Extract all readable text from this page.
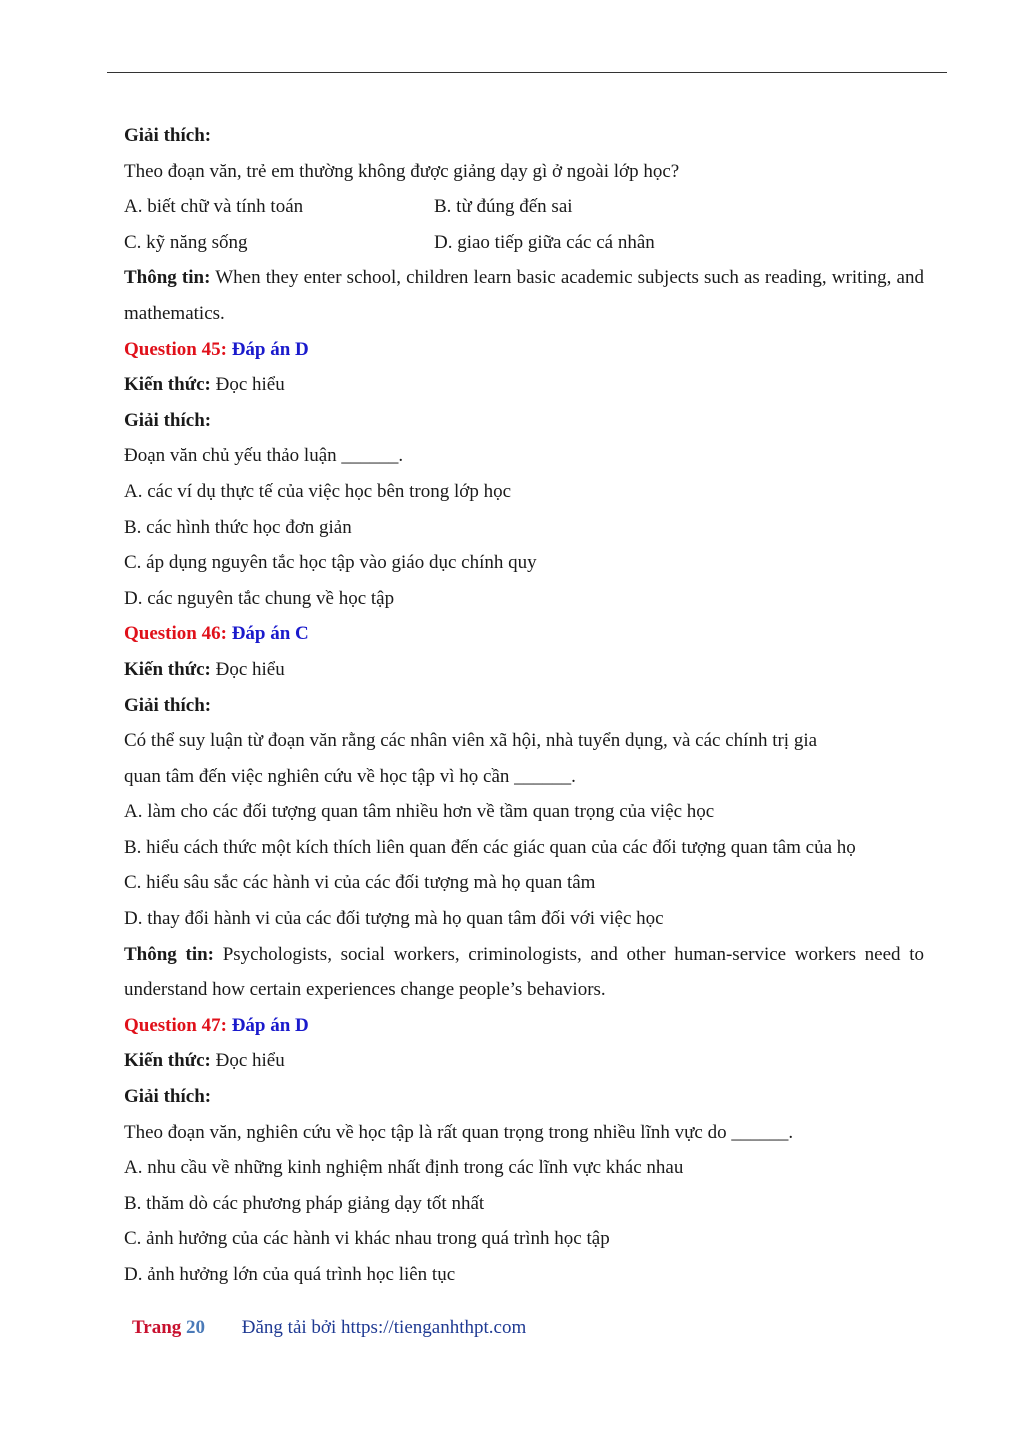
Giải thích:
Theo đoạn văn, trẻ em thường không được giảng dạy gì ở ngoài lớp học?
A. biết chữ và tính toán	B. từ đúng đến sai
C. kỹ năng sống	D. giao tiếp giữa các cá nhân
Thông tin: When they enter school, children learn basic academic subjects such as reading, writing, and mathematics.
Question 45: Đáp án D
Kiến thức: Đọc hiểu
Giải thích:
Đoạn văn chủ yếu thảo luận ______.
A. các ví dụ thực tế của việc học bên trong lớp học
B. các hình thức học đơn giản
C. áp dụng nguyên tắc học tập vào giáo dục chính quy
D. các nguyên tắc chung về học tập
Question 46: Đáp án C
Kiến thức: Đọc hiểu
Giải thích:
Có thể suy luận từ đoạn văn rằng các nhân viên xã hội, nhà tuyển dụng, và các chính trị gia
quan tâm đến việc nghiên cứu về học tập vì họ cần ______.
A. làm cho các đối tượng quan tâm nhiều hơn về tầm quan trọng của việc học
B. hiểu cách thức một kích thích liên quan đến các giác quan của các đối tượng quan tâm của họ
C. hiểu sâu sắc các hành vi của các đối tượng mà họ quan tâm
D. thay đổi hành vi của các đối tượng mà họ quan tâm đối với việc học
Thông tin: Psychologists, social workers, criminologists, and other human-service workers need to understand how certain experiences change people’s behaviors.
Question 47: Đáp án D
Kiến thức: Đọc hiểu
Giải thích:
Theo đoạn văn, nghiên cứu về học tập là rất quan trọng trong nhiều lĩnh vực do ______.
A. nhu cầu về những kinh nghiệm nhất định trong các lĩnh vực khác nhau
B. thăm dò các phương pháp giảng dạy tốt nhất
C. ảnh hưởng của các hành vi khác nhau trong quá trình học tập
D. ảnh hưởng lớn của quá trình học liên tục
Trang 20 Đăng tải bởi https://tienganhthpt.com
